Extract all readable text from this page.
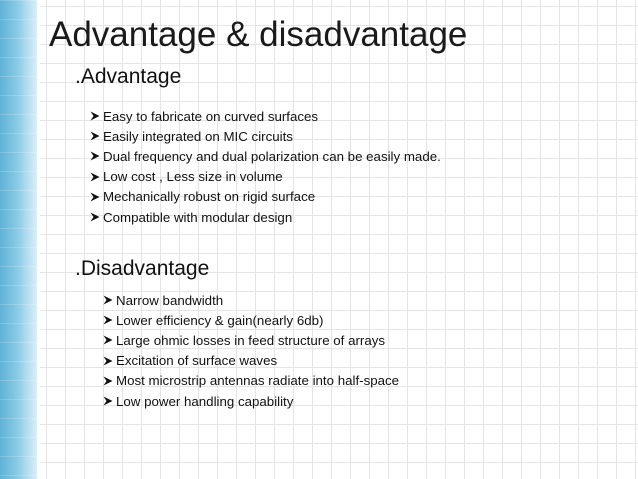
Advantage & disadvantage
.Advantage
Easy to fabricate on curved surfaces
Easily integrated on MIC circuits
Dual frequency and dual polarization can be easily made.
Low cost , Less size in volume
Mechanically robust on rigid surface
Compatible with modular design
.Disadvantage
Narrow bandwidth
Lower efficiency & gain(nearly 6db)
Large ohmic losses in feed structure of arrays
Excitation of surface waves
Most microstrip antennas radiate into half-space
Low power handling capability
